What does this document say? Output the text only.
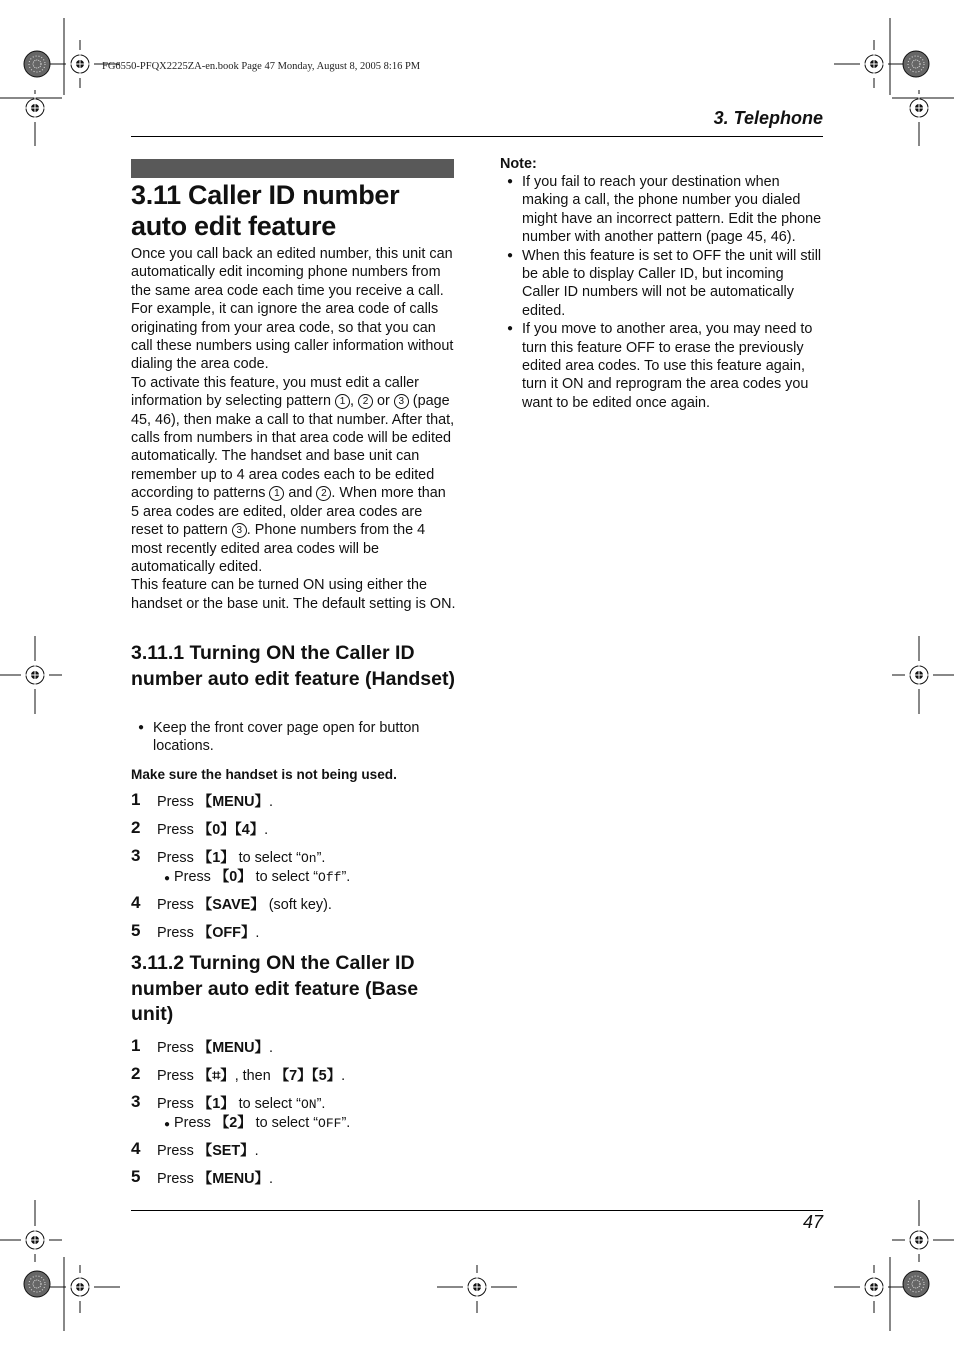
FG6550-PFQX2225ZA-en.book Page 47 Monday, August 8, 2005 8:16 PM
3. Telephone
3.11 Caller ID number auto edit feature
Once you call back an edited number, this unit can automatically edit incoming phone numbers from the same area code each time you receive a call. For example, it can ignore the area code of calls originating from your area code, so that you can call these numbers using caller information without dialing the area code.
To activate this feature, you must edit a caller information by selecting pattern 1 , 2 or 3 (page 45, 46), then make a call to that number. After that, calls from numbers in that area code will be edited automatically. The handset and base unit can remember up to 4 area codes each to be edited according to patterns 1 and 2 . When more than 5 area codes are edited, older area codes are reset to pattern 3 . Phone numbers from the 4 most recently edited area codes will be automatically edited.
This feature can be turned ON using either the handset or the base unit. The default setting is ON.
3.11.1 Turning ON the Caller ID number auto edit feature (Handset)
● Keep the front cover page open for button locations.
Make sure the handset is not being used.
1 Press 【MENU】.
2 Press 【0】【4】.
3 Press 【1】 to select “On”.
● Press 【0】 to select “Off”.
4 Press 【SAVE】 (soft key).
5 Press 【OFF】.
3.11.2 Turning ON the Caller ID number auto edit feature (Base unit)
1 Press 【MENU】.
2 Press 【⌗】, then 【7】【5】.
3 Press 【1】 to select “ON”.
● Press 【2】 to select “OFF”.
4 Press 【SET】.
5 Press 【MENU】.
Note:
● If you fail to reach your destination when making a call, the phone number you dialed might have an incorrect pattern. Edit the phone number with another pattern (page 45, 46).
● When this feature is set to OFF the unit will still be able to display Caller ID, but incoming Caller ID numbers will not be automatically edited.
● If you move to another area, you may need to turn this feature OFF to erase the previously edited area codes. To use this feature again, turn it ON and reprogram the area codes you want to be edited once again.
47
